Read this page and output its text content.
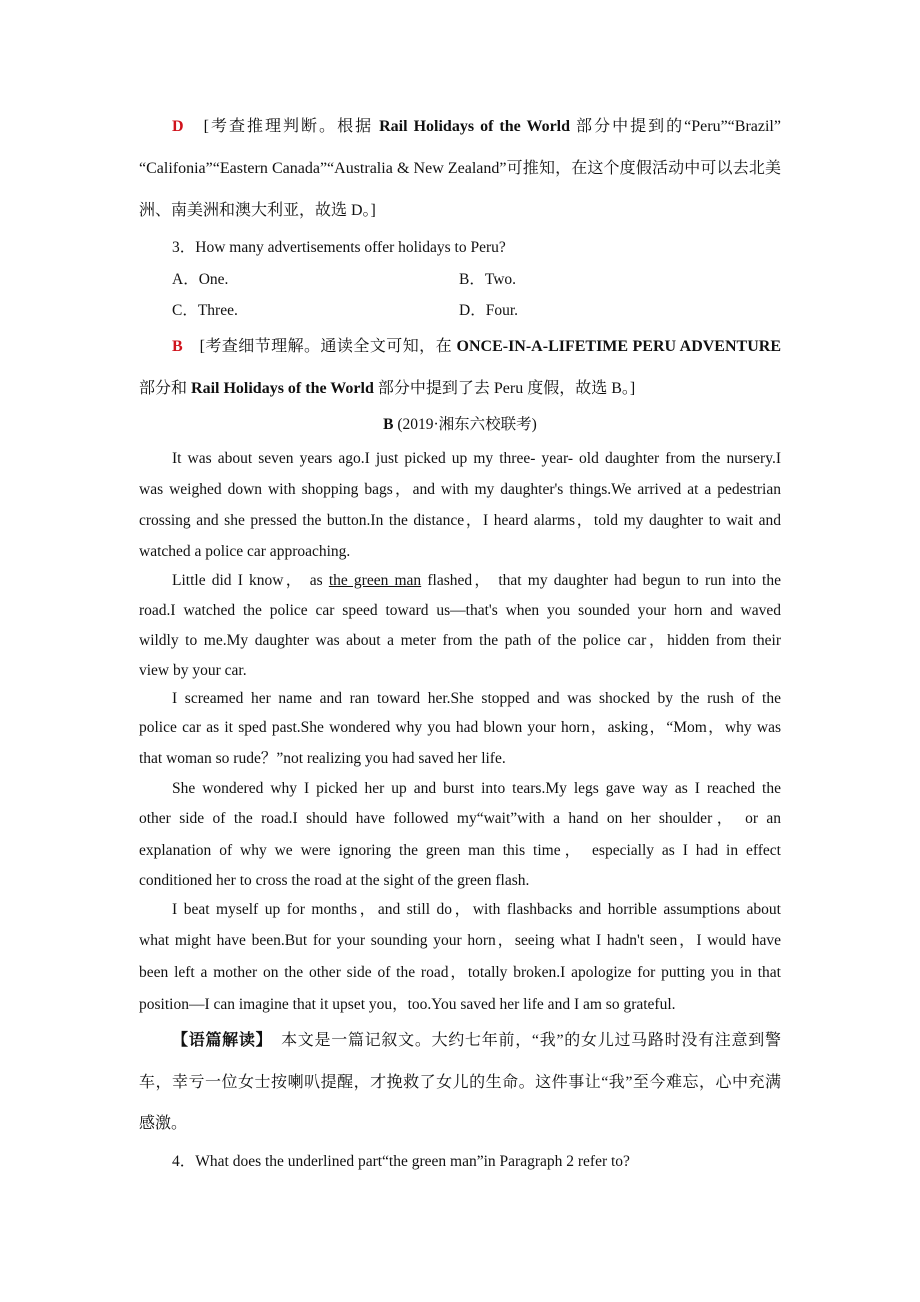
D　 [考查推理判断。根据 Rail Holidays of the World 部分中提到的“Peru”“Brazil”
“Califonia”“Eastern Canada”“Australia & New Zealand”可推知，在这个度假活动中可以去北美
洲、南美洲和澳大利亚，故选 D。]
3．How many advertisements offer holidays to Peru?
A．One.	B．Two.
C．Three.	D．Four.
B　 [考查细节理解。通读全文可知，在 ONCE-IN-A-LIFETIME PERU ADVENTURE
部分和 Rail Holidays of the World 部分中提到了去 Peru 度假，故选 B。]
B (2019·湘东六校联考)
It was about seven years ago.I just picked up my three- year- old daughter from the nursery.I
was weighed down with shopping bags，and with my daughter's things.We arrived at a pedestrian
crossing and she pressed the button.In the distance，I heard alarms，told my daughter to wait and
watched a police car approaching.
Little did I know， as the green man flashed， that my daughter had begun to run into the
road.I watched the police car speed toward us—that's when you sounded your horn and waved
wildly to me.My daughter was about a meter from the path of the police car，hidden from their
view by your car.
I screamed her name and ran toward her.She stopped and was shocked by the rush of the
police car as it sped past.She wondered why you had blown your horn，asking，“Mom，why was
that woman so rude？”not realizing you had saved her life.
She wondered why I picked her up and burst into tears.My legs gave way as I reached the
other side of the road.I should have followed my“wait”with a hand on her shoulder， or an
explanation of why we were ignoring the green man this time， especially as I had in effect
conditioned her to cross the road at the sight of the green flash.
I beat myself up for months，and still do，with flashbacks and horrible assumptions about
what might have been.But for your sounding your horn，seeing what I hadn't seen，I would have
been left a mother on the other side of the road，totally broken.I apologize for putting you in that
position—I can imagine that it upset you，too.You saved her life and I am so grateful.
【语篇解读】　本文是一篇记叙文。大约七年前，“我”的女儿过马路时没有注意到警
车，幸亏一位女士按喇叭提醒，才挽救了女儿的生命。这件事让“我”至今难忘，心中充满
感激。
4．What does the underlined part“the green man”in Paragraph 2 refer to?
